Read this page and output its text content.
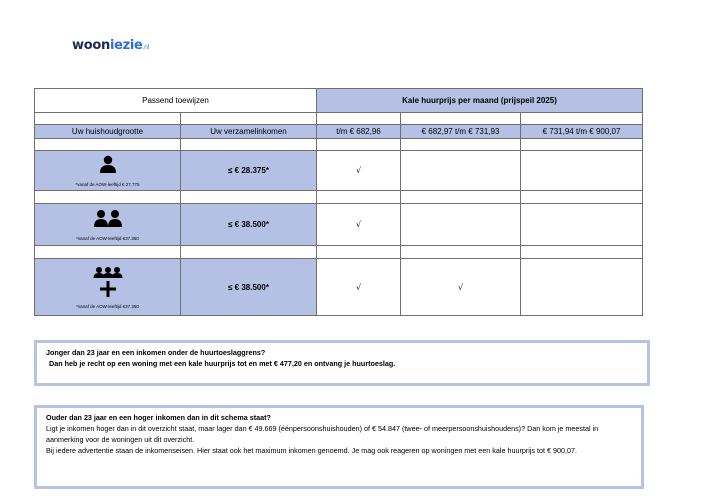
wooniezie.nl
Passend toewijzen		Kale huurprijs per maand (prijspeil 2025)		

Uw huishoudgrootte	Uw verzamelinkomen	t/m € 682,96	€ 682,97 t/m € 731,93	€ 731,94 t/m € 900,07

*vanaf de AOW-leeftijd € 27.775	≤ € 28.375*	√		

*vanaf de AOW-leeftijd €37.350	≤ € 38.500*	√		

*vanaf de AOW-leeftijd €37.350	≤ € 38.500*	√	√	
Jonger dan 23 jaar en een inkomen onder de huurtoeslaggrens?
Dan heb je recht op een woning met een kale huurprijs tot en met € 477,20 en ontvang je huurtoeslag.
Ouder dan 23 jaar en een hoger inkomen dan in dit schema staat?
Ligt je inkomen hoger dan in dit overzicht staat, maar lager dan € 49.669 (éénpersoonshuishouden) of € 54.847 (twee- of meerpersoonshuishoudens)? Dan kom je meestal in aanmerking voor de woningen uit dit overzicht.
Bij iedere advertentie staan de inkomenseisen. Hier staat ook het maximum inkomen genoemd. Je mag ook reageren op woningen met een kale huurprijs tot € 900,07.
